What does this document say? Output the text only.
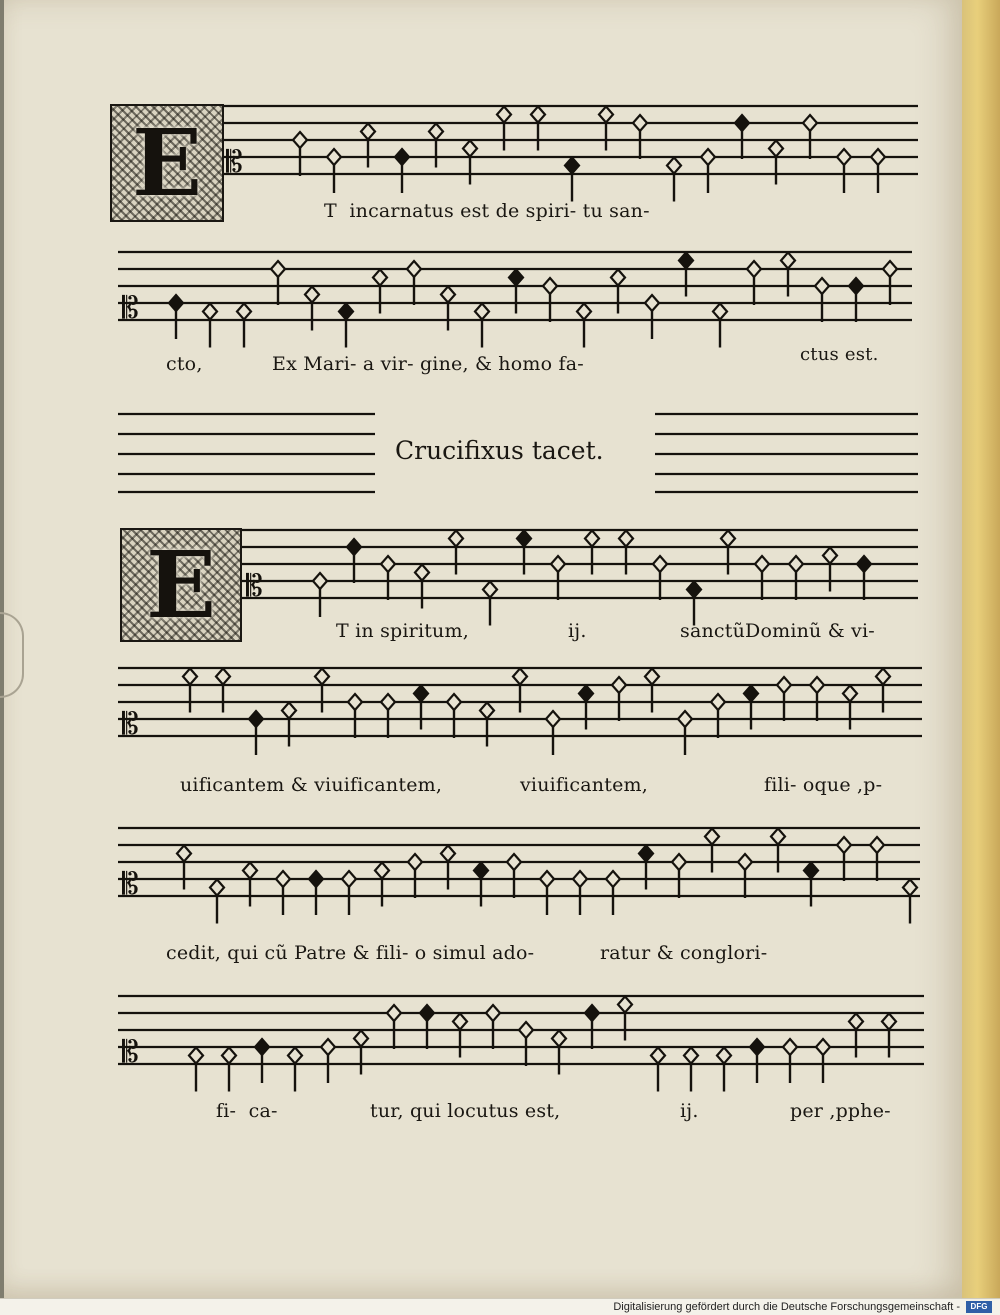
𝄡
𝄡
𝄡
𝄡
𝄡
𝄡
E
E
T  incarnatus est de spiri- tu san-
cto,	Ex Mari- a vir- gine, & homo fa-	ctus est.
Crucifixus tacet.
T in spiritum,	ij.	sanctũDominũ & vi-
uificantem & viuificantem,	viuificantem,	fili- oque ,p-
cedit, qui cũ Patre & fili- o simul ado-	ratur & conglori-
fi-  ca-	tur, qui locutus est,	ij.	per ,pphe-
Digitalisierung gefördert durch die Deutsche Forschungsgemeinschaft -	DFG
